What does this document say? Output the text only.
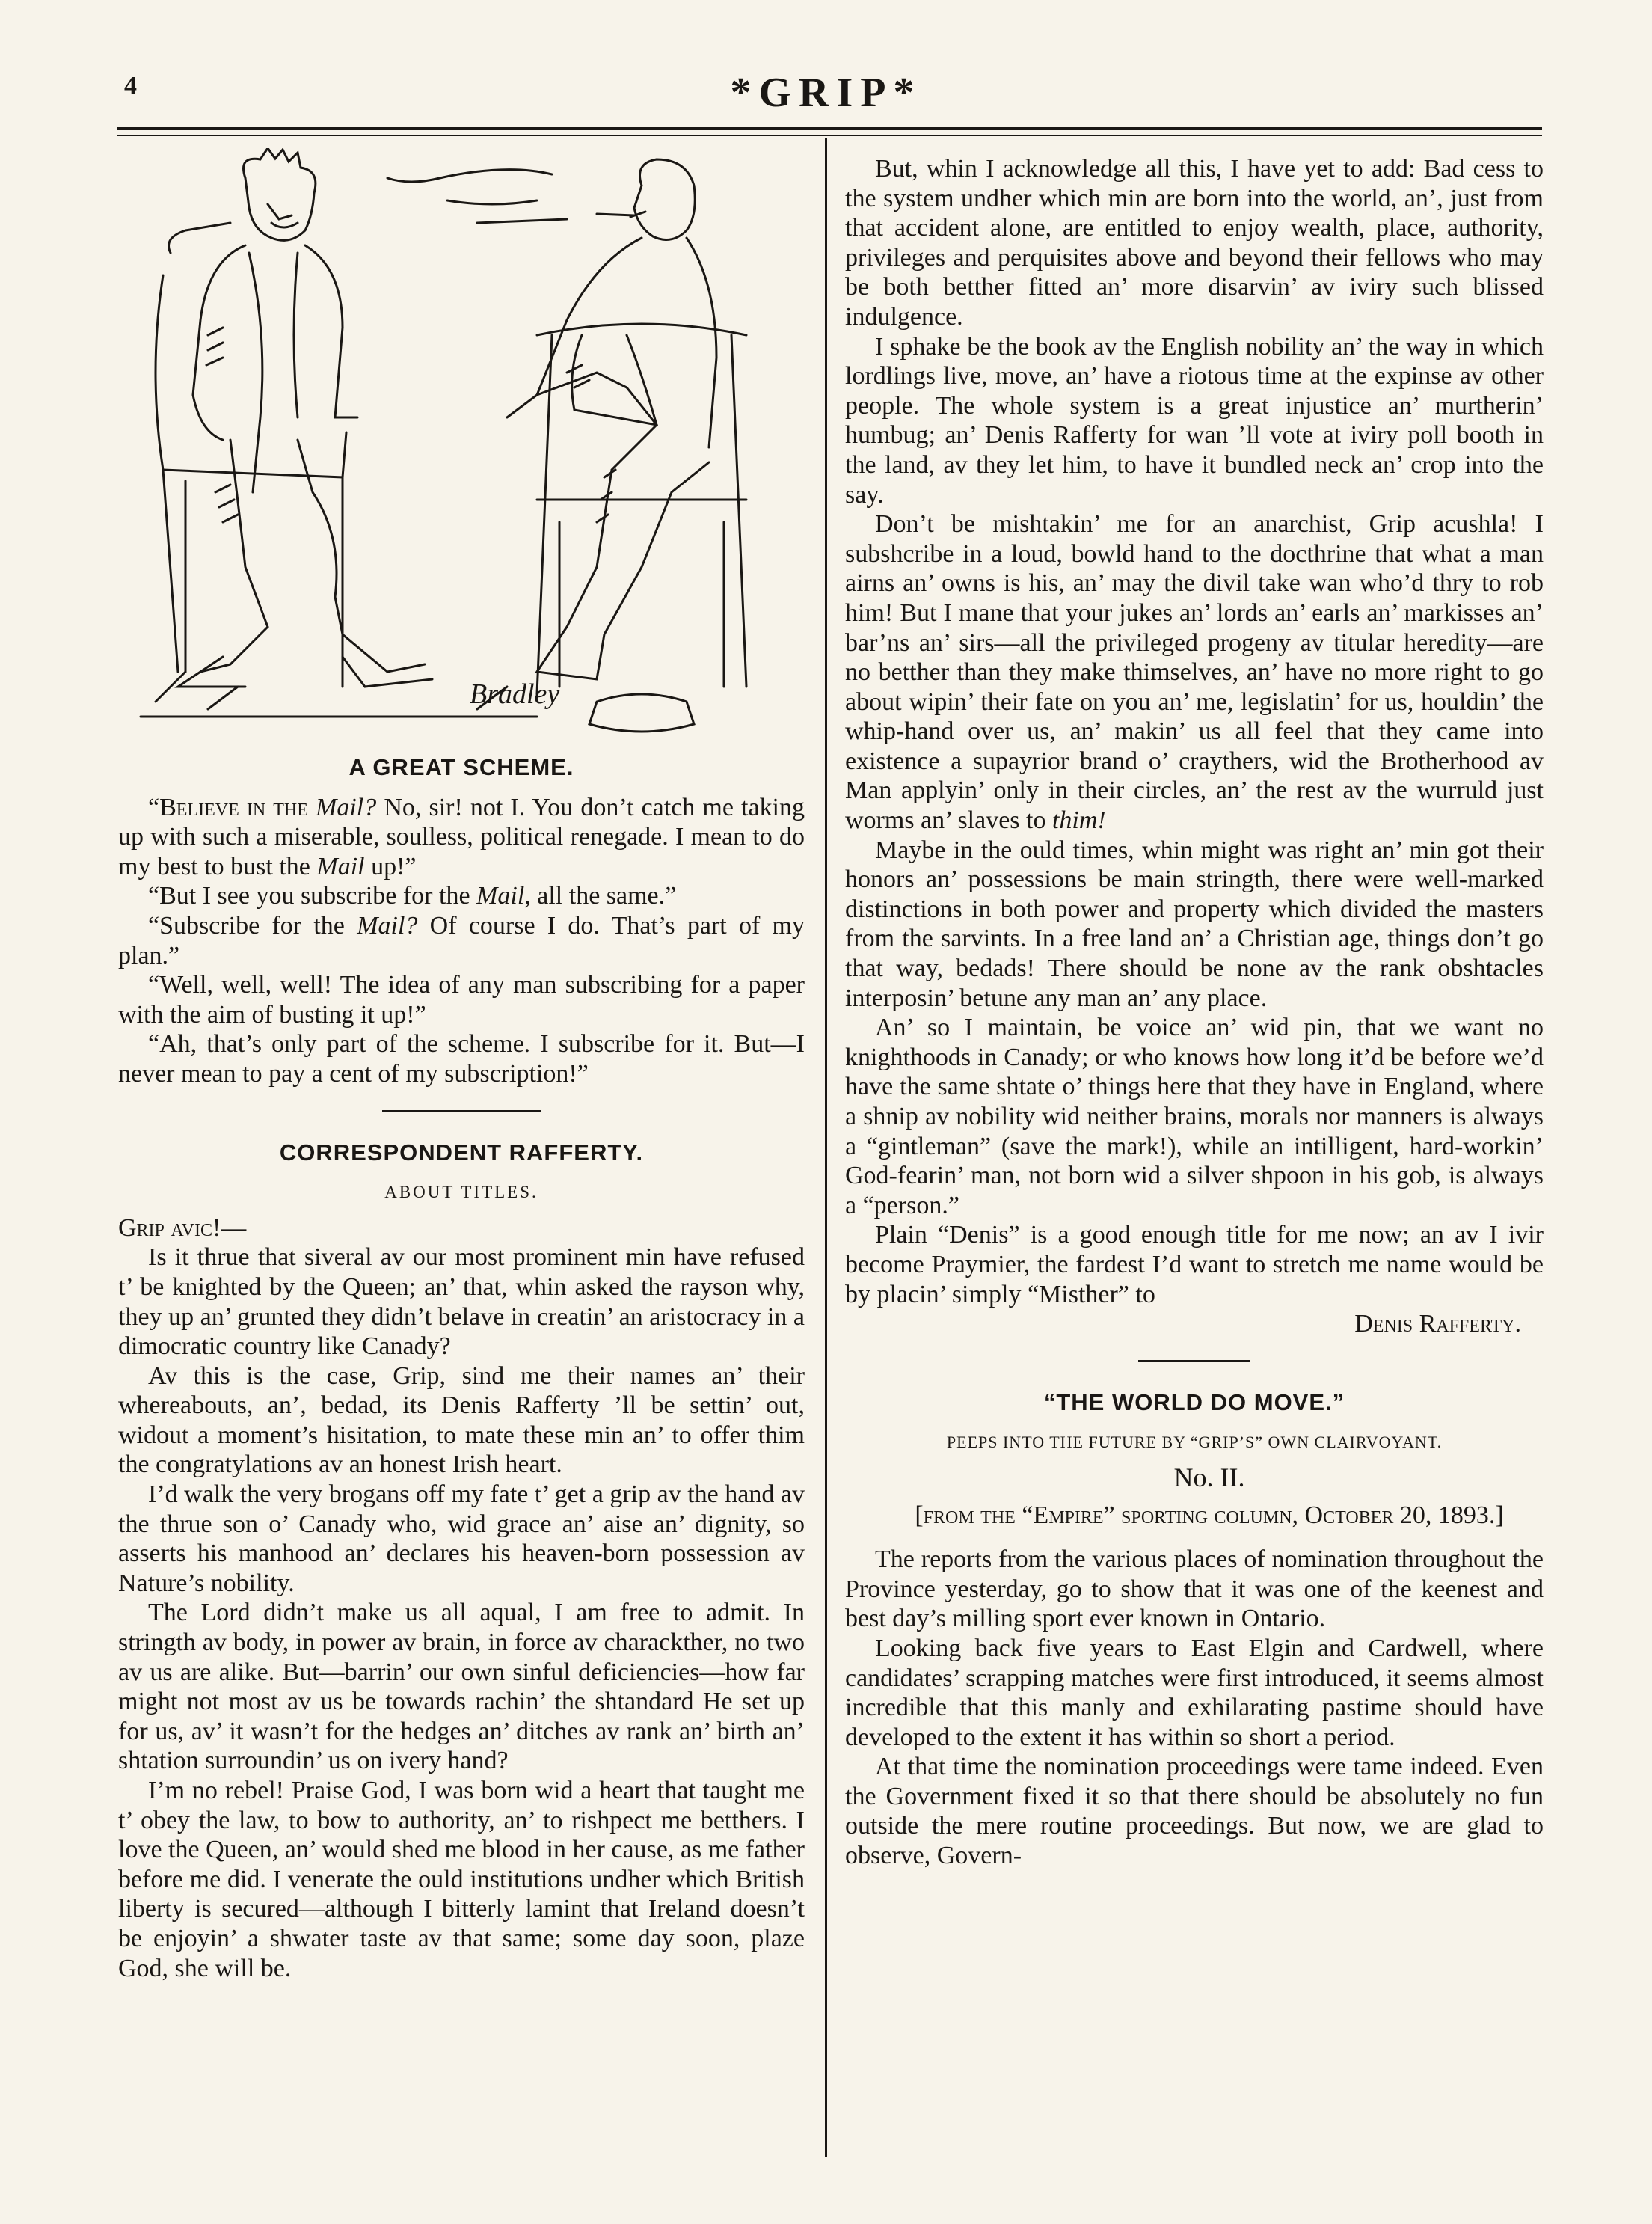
4	*GRIP*
Bradley
A GREAT SCHEME.

“Believe in the Mail? No, sir! not I. You don’t catch me taking up with such a miserable, soulless, political renegade. I mean to do my best to bust the Mail up!”

“But I see you subscribe for the Mail, all the same.”

“Subscribe for the Mail? Of course I do. That’s part of my plan.”

“Well, well, well! The idea of any man subscribing for a paper with the aim of busting it up!”

“Ah, that’s only part of the scheme. I subscribe for it. But—I never mean to pay a cent of my subscription!”

CORRESPONDENT RAFFERTY.
ABOUT TITLES.

Grip avic!—

Is it thrue that siveral av our most prominent min have refused t’ be knighted by the Queen; an’ that, whin asked the rayson why, they up an’ grunted they didn’t belave in creatin’ an aristocracy in a dimocratic country like Canady?

Av this is the case, Grip, sind me their names an’ their whereabouts, an’, bedad, its Denis Rafferty ’ll be settin’ out, widout a moment’s hisitation, to mate these min an’ to offer thim the congratylations av an honest Irish heart.

I’d walk the very brogans off my fate t’ get a grip av the hand av the thrue son o’ Canady who, wid grace an’ aise an’ dignity, so asserts his manhood an’ declares his heaven-born possession av Nature’s nobility.

The Lord didn’t make us all aqual, I am free to admit. In stringth av body, in power av brain, in force av charackther, no two av us are alike. But—barrin’ our own sinful deficiencies—how far might not most av us be towards rachin’ the shtandard He set up for us, av’ it wasn’t for the hedges an’ ditches av rank an’ birth an’ shtation surroundin’ us on ivery hand?

I’m no rebel! Praise God, I was born wid a heart that taught me t’ obey the law, to bow to authority, an’ to rishpect me betthers. I love the Queen, an’ would shed me blood in her cause, as me father before me did. I venerate the ould institutions undher which British liberty is secured—although I bitterly lamint that Ireland doesn’t be enjoyin’ a shwater taste av that same; some day soon, plaze God, she will be.

But, whin I acknowledge all this, I have yet to add: Bad cess to the system undher which min are born into the world, an’, just from that accident alone, are entitled to enjoy wealth, place, authority, privileges and perquisites above and beyond their fellows who may be both betther fitted an’ more disarvin’ av iviry such blissed indulgence.

I sphake be the book av the English nobility an’ the way in which lordlings live, move, an’ have a riotous time at the expinse av other people. The whole system is a great injustice an’ murtherin’ humbug; an’ Denis Rafferty for wan ’ll vote at iviry poll booth in the land, av they let him, to have it bundled neck an’ crop into the say.

Don’t be mishtakin’ me for an anarchist, Grip acushla! I subshcribe in a loud, bowld hand to the docthrine that what a man airns an’ owns is his, an’ may the divil take wan who’d thry to rob him! But I mane that your jukes an’ lords an’ earls an’ markisses an’ bar’ns an’ sirs—all the privileged progeny av titular heredity—are no betther than they make thimselves, an’ have no more right to go about wipin’ their fate on you an’ me, legislatin’ for us, houldin’ the whip-hand over us, an’ makin’ us all feel that they came into existence a supayrior brand o’ craythers, wid the Brotherhood av Man applyin’ only in their circles, an’ the rest av the wurruld just worms an’ slaves to thim!

Maybe in the ould times, whin might was right an’ min got their honors an’ possessions be main stringth, there were well-marked distinctions in both power and property which divided the masters from the sarvints. In a free land an’ a Christian age, things don’t go that way, bedads! There should be none av the rank obshtacles interposin’ betune any man an’ any place.

An’ so I maintain, be voice an’ wid pin, that we want no knighthoods in Canady; or who knows how long it’d be before we’d have the same shtate o’ things here that they have in England, where a shnip av nobility wid neither brains, morals nor manners is always a “gintleman” (save the mark!), while an intilligent, hard-workin’ God-fearin’ man, not born wid a silver shpoon in his gob, is always a “person.”

Plain “Denis” is a good enough title for me now; an av I ivir become Praymier, the fardest I’d want to stretch me name would be by placin’ simply “Misther” to

Denis Rafferty.

“THE WORLD DO MOVE.”
PEEPS INTO THE FUTURE BY “GRIP’S” OWN CLAIRVOYANT.

No. II.

[from the “Empire” sporting column, October 20, 1893.]

The reports from the various places of nomination throughout the Province yesterday, go to show that it was one of the keenest and best day’s milling sport ever known in Ontario.

Looking back five years to East Elgin and Cardwell, where candidates’ scrapping matches were first introduced, it seems almost incredible that this manly and exhilarating pastime should have developed to the extent it has within so short a period.

At that time the nomination proceedings were tame indeed. Even the Government fixed it so that there should be absolutely no fun outside the mere routine proceedings. But now, we are glad to observe, Govern-
